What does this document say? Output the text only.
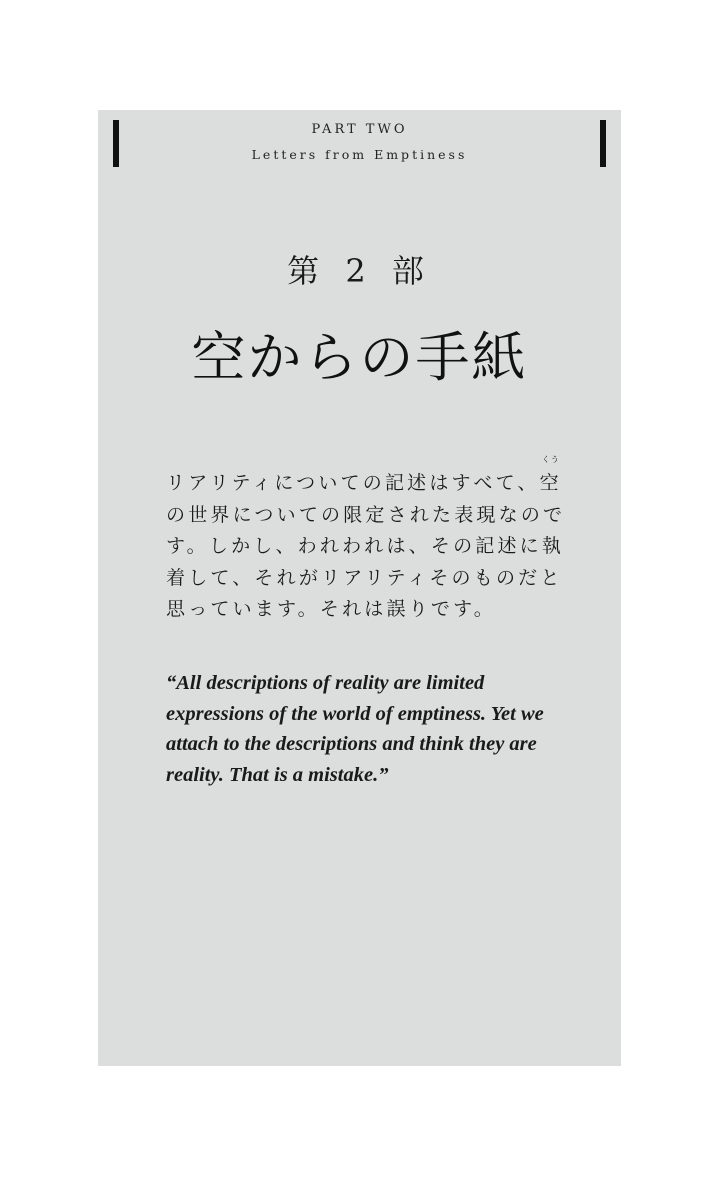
PART TWO
Letters from Emptiness
第 2 部
空からの手紙
リアリティについての記述はすべて、
くう
空
の世界についての限定された表現なので
す。しかし、われわれは、その記述に執
着して、それがリアリティそのものだと
思っています。それは誤りです。
“All descriptions of reality are limited
expressions of the world of emptiness. Yet we
attach to the descriptions and think they are
reality. That is a mistake.”
